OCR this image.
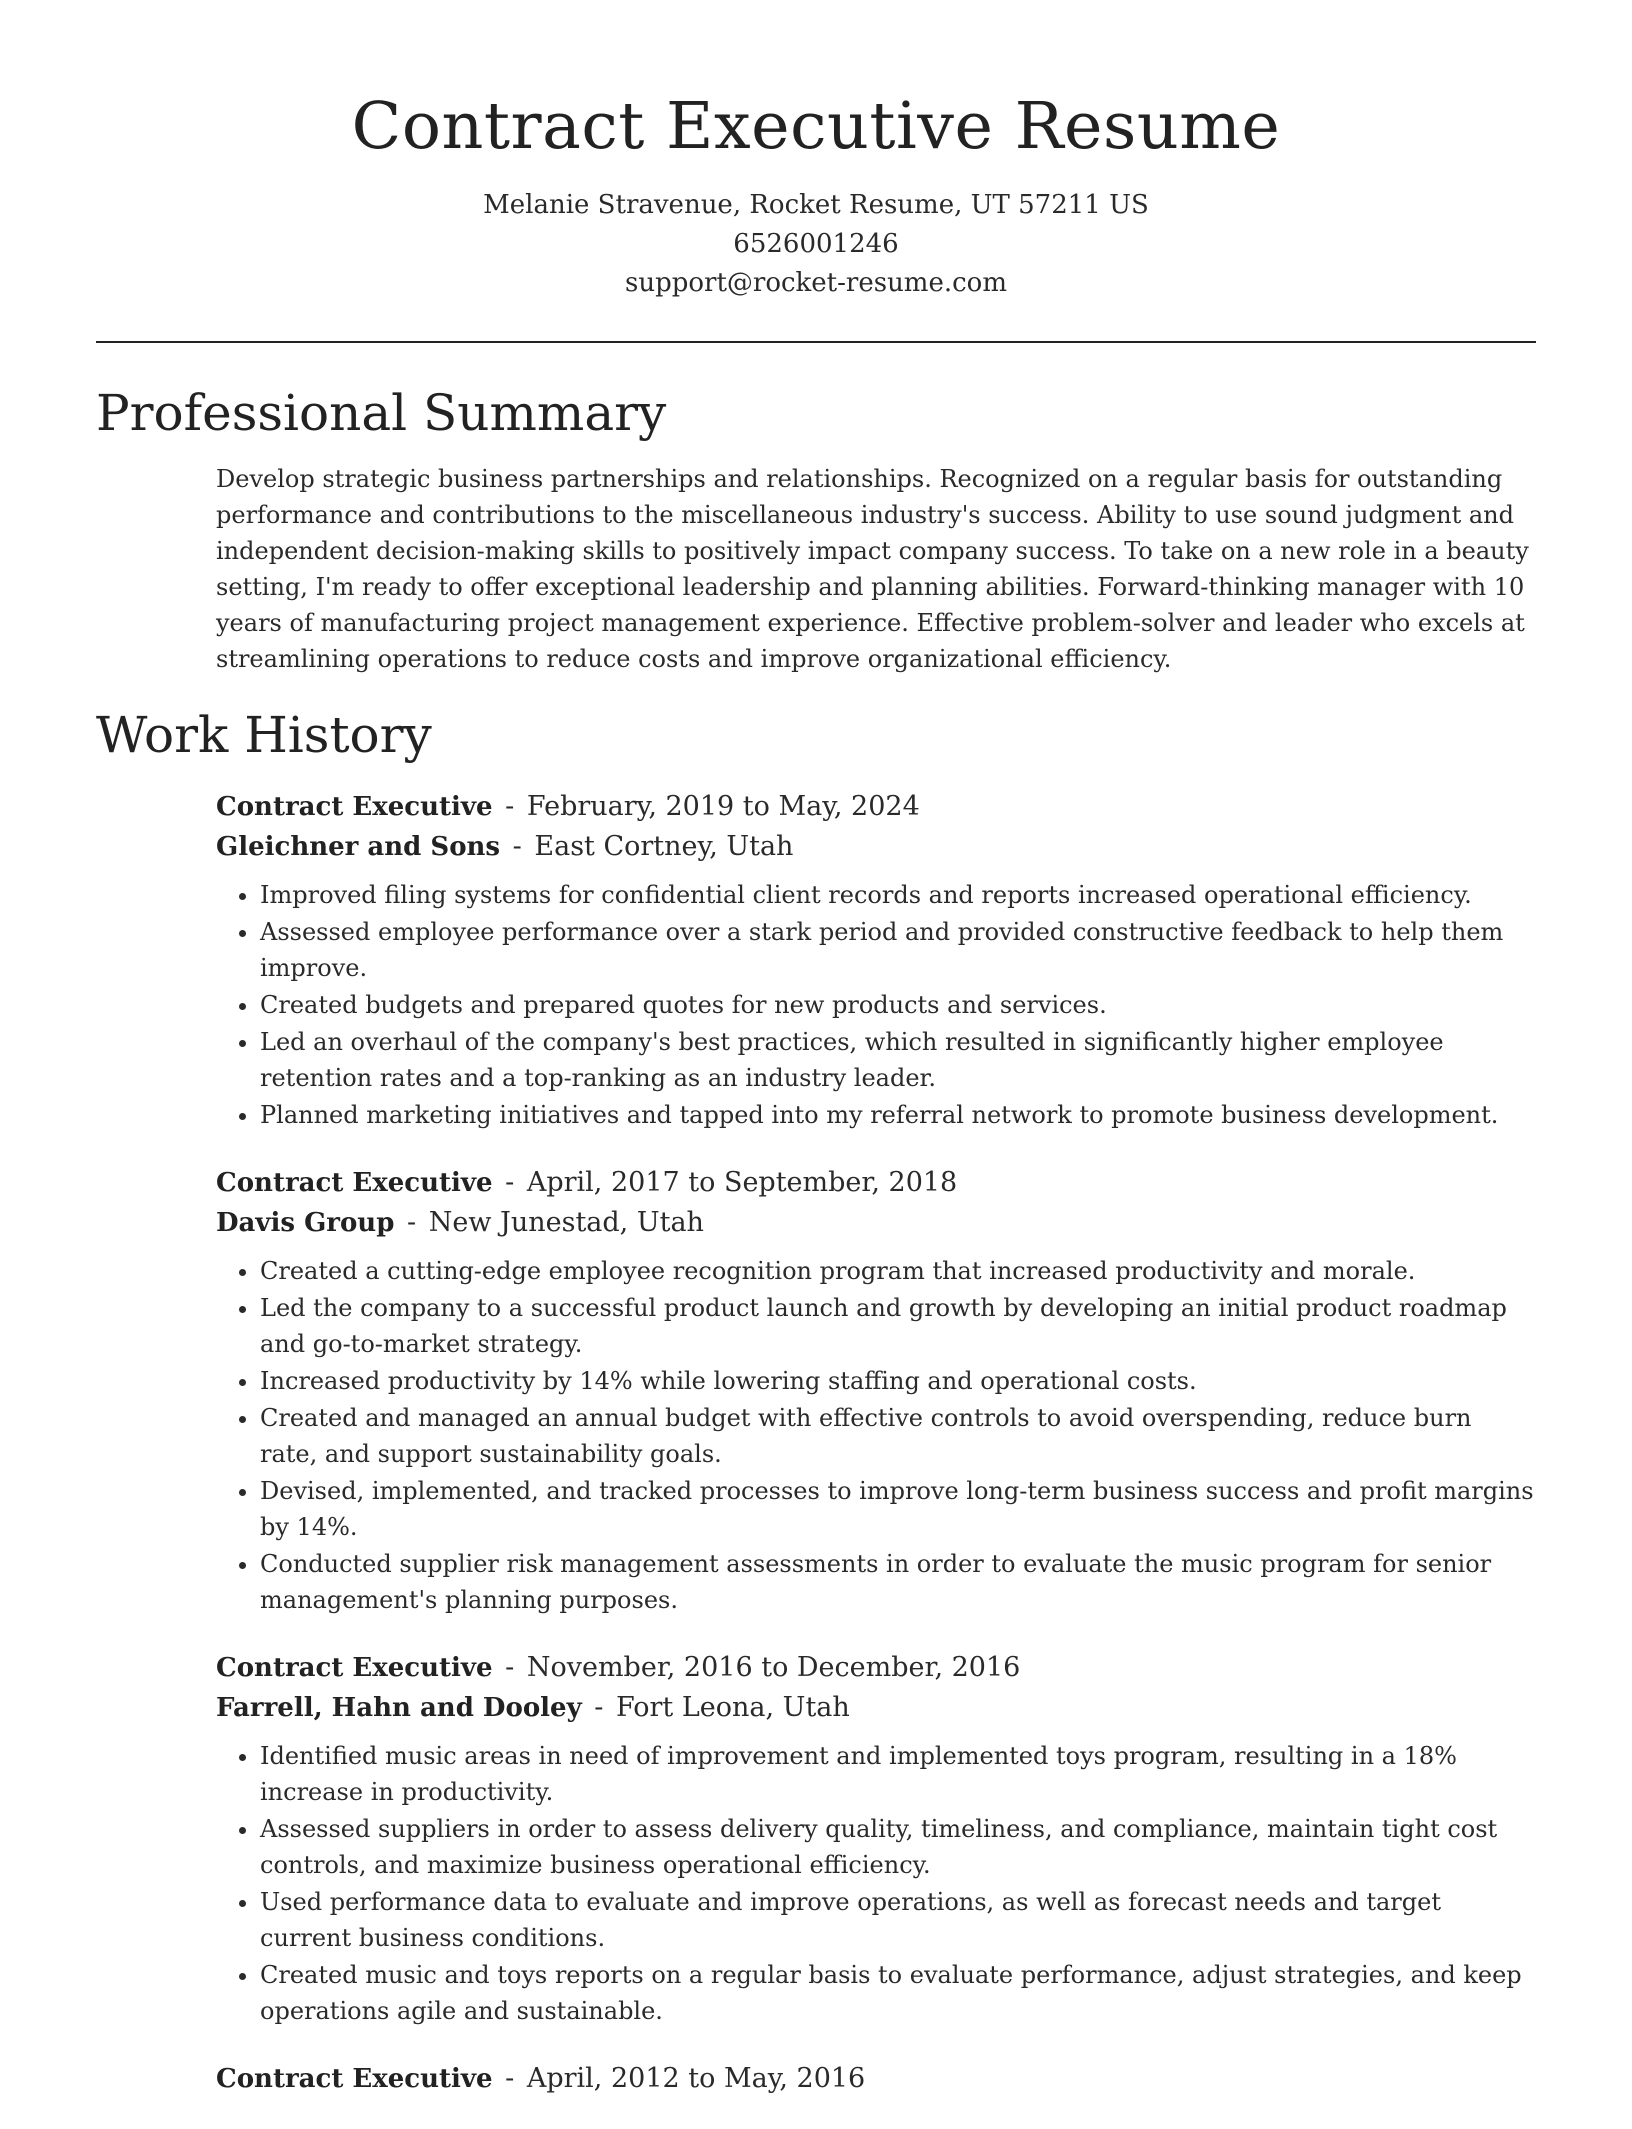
Contract Executive Resume
Melanie Stravenue, Rocket Resume, UT 57211 US
6526001246
support@rocket-resume.com
Professional Summary

Develop strategic business partnerships and relationships. Recognized on a regular basis for outstanding performance and contributions to the miscellaneous industry's success. Ability to use sound judgment and independent decision-making skills to positively impact company success. To take on a new role in a beauty setting, I'm ready to offer exceptional leadership and planning abilities. Forward-thinking manager with 10 years of manufacturing project management experience. Effective problem-solver and leader who excels at streamlining operations to reduce costs and improve organizational efficiency.

Work History
Contract Executive - February, 2019 to May, 2024
Gleichner and Sons - East Cortney, Utah
• Improved filing systems for confidential client records and reports increased operational efficiency.
• Assessed employee performance over a stark period and provided constructive feedback to help them improve.
• Created budgets and prepared quotes for new products and services.
• Led an overhaul of the company's best practices, which resulted in significantly higher employee retention rates and a top-ranking as an industry leader.
• Planned marketing initiatives and tapped into my referral network to promote business development.
Contract Executive - April, 2017 to September, 2018
Davis Group - New Junestad, Utah
• Created a cutting-edge employee recognition program that increased productivity and morale.
• Led the company to a successful product launch and growth by developing an initial product roadmap and go-to-market strategy.
• Increased productivity by 14% while lowering staffing and operational costs.
• Created and managed an annual budget with effective controls to avoid overspending, reduce burn rate, and support sustainability goals.
• Devised, implemented, and tracked processes to improve long-term business success and profit margins by 14%.
• Conducted supplier risk management assessments in order to evaluate the music program for senior management's planning purposes.
Contract Executive - November, 2016 to December, 2016
Farrell, Hahn and Dooley - Fort Leona, Utah
• Identified music areas in need of improvement and implemented toys program, resulting in a 18% increase in productivity.
• Assessed suppliers in order to assess delivery quality, timeliness, and compliance, maintain tight cost controls, and maximize business operational efficiency.
• Used performance data to evaluate and improve operations, as well as forecast needs and target current business conditions.
• Created music and toys reports on a regular basis to evaluate performance, adjust strategies, and keep operations agile and sustainable.
Contract Executive - April, 2012 to May, 2016
